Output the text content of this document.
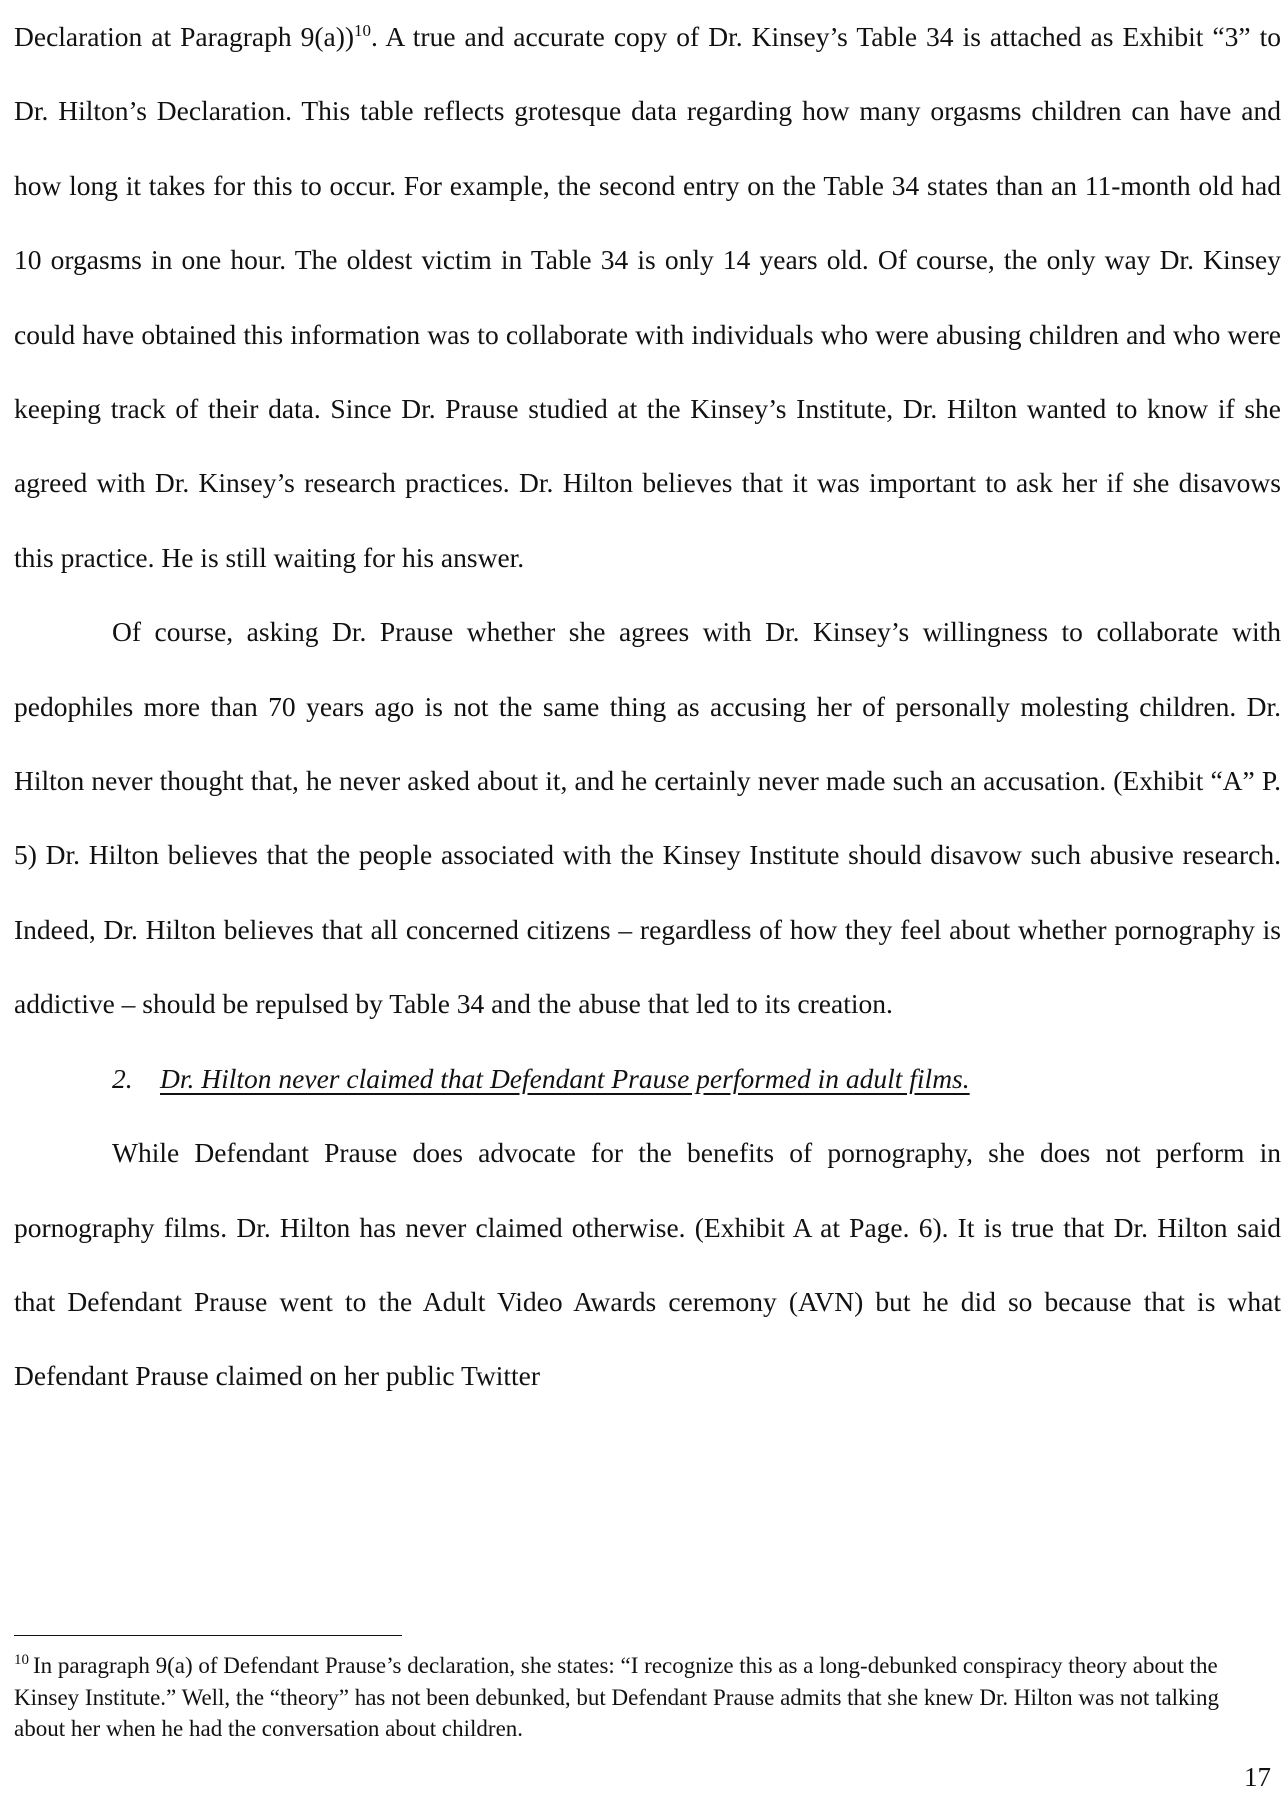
Declaration at Paragraph 9(a))$^{10}$. A true and accurate copy of Dr. Kinsey’s Table 34 is attached as Exhibit “3” to Dr. Hilton’s Declaration. This table reflects grotesque data regarding how many orgasms children can have and how long it takes for this to occur. For example, the second entry on the Table 34 states than an 11-month old had 10 orgasms in one hour. The oldest victim in Table 34 is only 14 years old. Of course, the only way Dr. Kinsey could have obtained this information was to collaborate with individuals who were abusing children and who were keeping track of their data. Since Dr. Prause studied at the Kinsey’s Institute, Dr. Hilton wanted to know if she agreed with Dr. Kinsey’s research practices. Dr. Hilton believes that it was important to ask her if she disavows this practice. He is still waiting for his answer.

Of course, asking Dr. Prause whether she agrees with Dr. Kinsey’s willingness to collaborate with pedophiles more than 70 years ago is not the same thing as accusing her of personally molesting children. Dr. Hilton never thought that, he never asked about it, and he certainly never made such an accusation. (Exhibit “A” P. 5) Dr. Hilton believes that the people associated with the Kinsey Institute should disavow such abusive research. Indeed, Dr. Hilton believes that all concerned citizens – regardless of how they feel about whether pornography is addictive – should be repulsed by Table 34 and the abuse that led to its creation.

2. Dr. Hilton never claimed that Defendant Prause performed in adult films.

While Defendant Prause does advocate for the benefits of pornography, she does not perform in pornography films. Dr. Hilton has never claimed otherwise. (Exhibit A at Page. 6). It is true that Dr. Hilton said that Defendant Prause went to the Adult Video Awards ceremony (AVN) but he did so because that is what Defendant Prause claimed on her public Twitter

$^{10}$ In paragraph 9(a) of Defendant Prause’s declaration, she states: “I recognize this as a long-debunked conspiracy theory about the Kinsey Institute.” Well, the “theory” has not been debunked, but Defendant Prause admits that she knew Dr. Hilton was not talking about her when he had the conversation about children.
17
